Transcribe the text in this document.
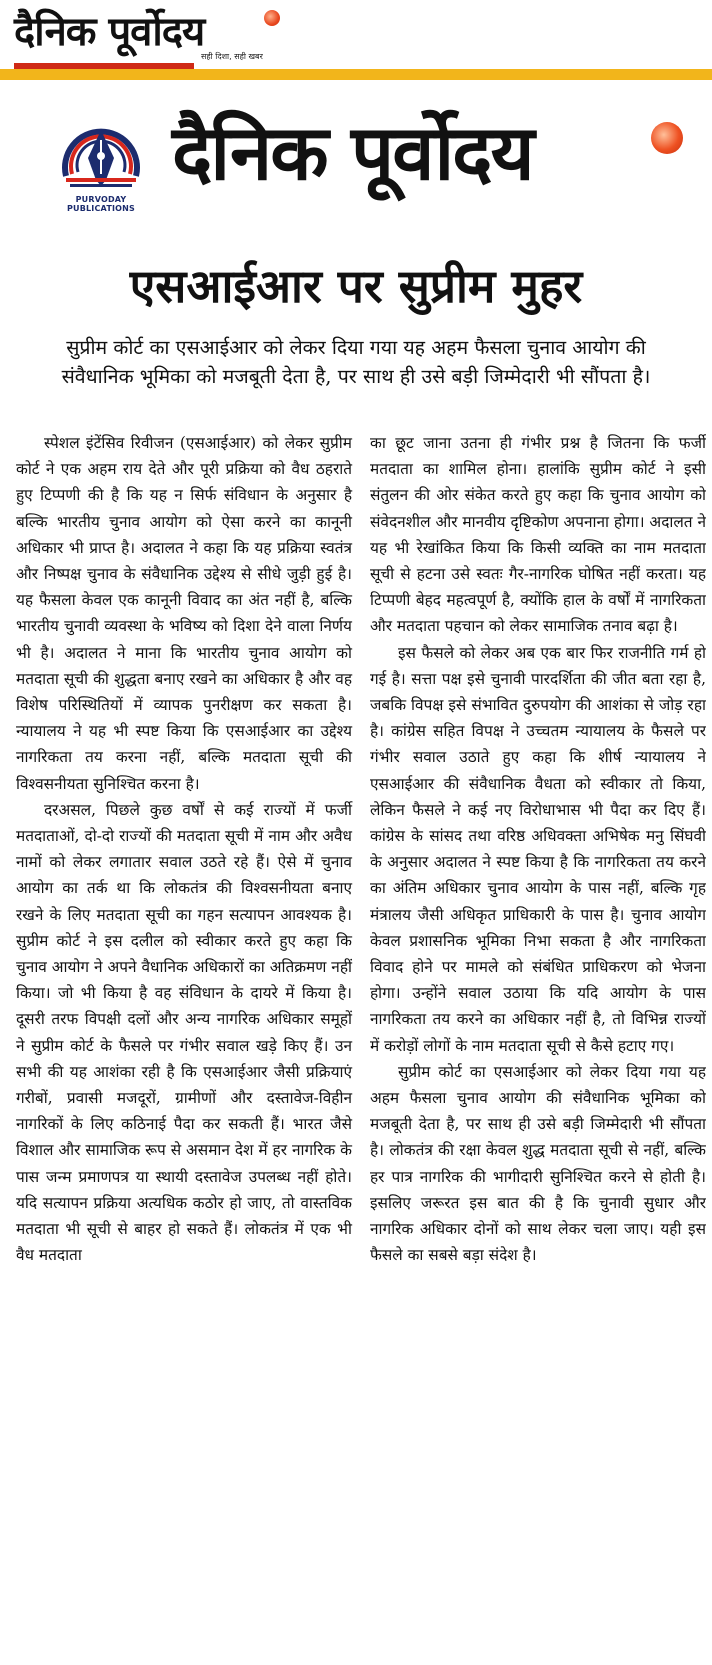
दैनिक पूर्वोदय
सही दिशा, सही खबर
PURVODAY PUBLICATIONS
दैनिक पूर्वोदय
एसआईआर पर सुप्रीम मुहर
सुप्रीम कोर्ट का एसआईआर को लेकर दिया गया यह अहम फैसला चुनाव आयोग की संवैधानिक भूमिका को मजबूती देता है, पर साथ ही उसे बड़ी जिम्मेदारी भी सौंपता है।

स्पेशल इंटेंसिव रिवीजन (एसआईआर) को लेकर सुप्रीम कोर्ट ने एक अहम राय देते और पूरी प्रक्रिया को वैध ठहराते हुए टिप्पणी की है कि यह न सिर्फ संविधान के अनुसार है बल्कि भारतीय चुनाव आयोग को ऐसा करने का कानूनी अधिकार भी प्राप्त है। अदालत ने कहा कि यह प्रक्रिया स्वतंत्र और निष्पक्ष चुनाव के संवैधानिक उद्देश्य से सीधे जुड़ी हुई है। यह फैसला केवल एक कानूनी विवाद का अंत नहीं है, बल्कि भारतीय चुनावी व्यवस्था के भविष्य को दिशा देने वाला निर्णय भी है। अदालत ने माना कि भारतीय चुनाव आयोग को मतदाता सूची की शुद्धता बनाए रखने का अधिकार है और वह विशेष परिस्थितियों में व्यापक पुनरीक्षण कर सकता है। न्यायालय ने यह भी स्पष्ट किया कि एसआईआर का उद्देश्य नागरिकता तय करना नहीं, बल्कि मतदाता सूची की विश्वसनीयता सुनिश्चित करना है।

दरअसल, पिछले कुछ वर्षों से कई राज्यों में फर्जी मतदाताओं, दो-दो राज्यों की मतदाता सूची में नाम और अवैध नामों को लेकर लगातार सवाल उठते रहे हैं। ऐसे में चुनाव आयोग का तर्क था कि लोकतंत्र की विश्वसनीयता बनाए रखने के लिए मतदाता सूची का गहन सत्यापन आवश्यक है। सुप्रीम कोर्ट ने इस दलील को स्वीकार करते हुए कहा कि चुनाव आयोग ने अपने वैधानिक अधिकारों का अतिक्रमण नहीं किया। जो भी किया है वह संविधान के दायरे में किया है। दूसरी तरफ विपक्षी दलों और अन्य नागरिक अधिकार समूहों ने सुप्रीम कोर्ट के फैसले पर गंभीर सवाल खड़े किए हैं। उन सभी की यह आशंका रही है कि एसआईआर जैसी प्रक्रियाएं गरीबों, प्रवासी मजदूरों, ग्रामीणों और दस्तावेज-विहीन नागरिकों के लिए कठिनाई पैदा कर सकती हैं। भारत जैसे विशाल और सामाजिक रूप से असमान देश में हर नागरिक के पास जन्म प्रमाणपत्र या स्थायी दस्तावेज उपलब्ध नहीं होते। यदि सत्यापन प्रक्रिया अत्यधिक कठोर हो जाए, तो वास्तविक मतदाता भी सूची से बाहर हो सकते हैं। लोकतंत्र में एक भी वैध मतदाता

का छूट जाना उतना ही गंभीर प्रश्न है जितना कि फर्जी मतदाता का शामिल होना। हालांकि सुप्रीम कोर्ट ने इसी संतुलन की ओर संकेत करते हुए कहा कि चुनाव आयोग को संवेदनशील और मानवीय दृष्टिकोण अपनाना होगा। अदालत ने यह भी रेखांकित किया कि किसी व्यक्ति का नाम मतदाता सूची से हटना उसे स्वतः गैर-नागरिक घोषित नहीं करता। यह टिप्पणी बेहद महत्वपूर्ण है, क्योंकि हाल के वर्षों में नागरिकता और मतदाता पहचान को लेकर सामाजिक तनाव बढ़ा है।

इस फैसले को लेकर अब एक बार फिर राजनीति गर्म हो गई है। सत्ता पक्ष इसे चुनावी पारदर्शिता की जीत बता रहा है, जबकि विपक्ष इसे संभावित दुरुपयोग की आशंका से जोड़ रहा है। कांग्रेस सहित विपक्ष ने उच्चतम न्यायालय के फैसले पर गंभीर सवाल उठाते हुए कहा कि शीर्ष न्यायालय ने एसआईआर की संवैधानिक वैधता को स्वीकार तो किया, लेकिन फैसले ने कई नए विरोधाभास भी पैदा कर दिए हैं। कांग्रेस के सांसद तथा वरिष्ठ अधिवक्ता अभिषेक मनु सिंघवी के अनुसार अदालत ने स्पष्ट किया है कि नागरिकता तय करने का अंतिम अधिकार चुनाव आयोग के पास नहीं, बल्कि गृह मंत्रालय जैसी अधिकृत प्राधिकारी के पास है। चुनाव आयोग केवल प्रशासनिक भूमिका निभा सकता है और नागरिकता विवाद होने पर मामले को संबंधित प्राधिकरण को भेजना होगा। उन्होंने सवाल उठाया कि यदि आयोग के पास नागरिकता तय करने का अधिकार नहीं है, तो विभिन्न राज्यों में करोड़ों लोगों के नाम मतदाता सूची से कैसे हटाए गए।

सुप्रीम कोर्ट का एसआईआर को लेकर दिया गया यह अहम फैसला चुनाव आयोग की संवैधानिक भूमिका को मजबूती देता है, पर साथ ही उसे बड़ी जिम्मेदारी भी सौंपता है। लोकतंत्र की रक्षा केवल शुद्ध मतदाता सूची से नहीं, बल्कि हर पात्र नागरिक की भागीदारी सुनिश्चित करने से होती है। इसलिए जरूरत इस बात की है कि चुनावी सुधार और नागरिक अधिकार दोनों को साथ लेकर चला जाए। यही इस फैसले का सबसे बड़ा संदेश है।
